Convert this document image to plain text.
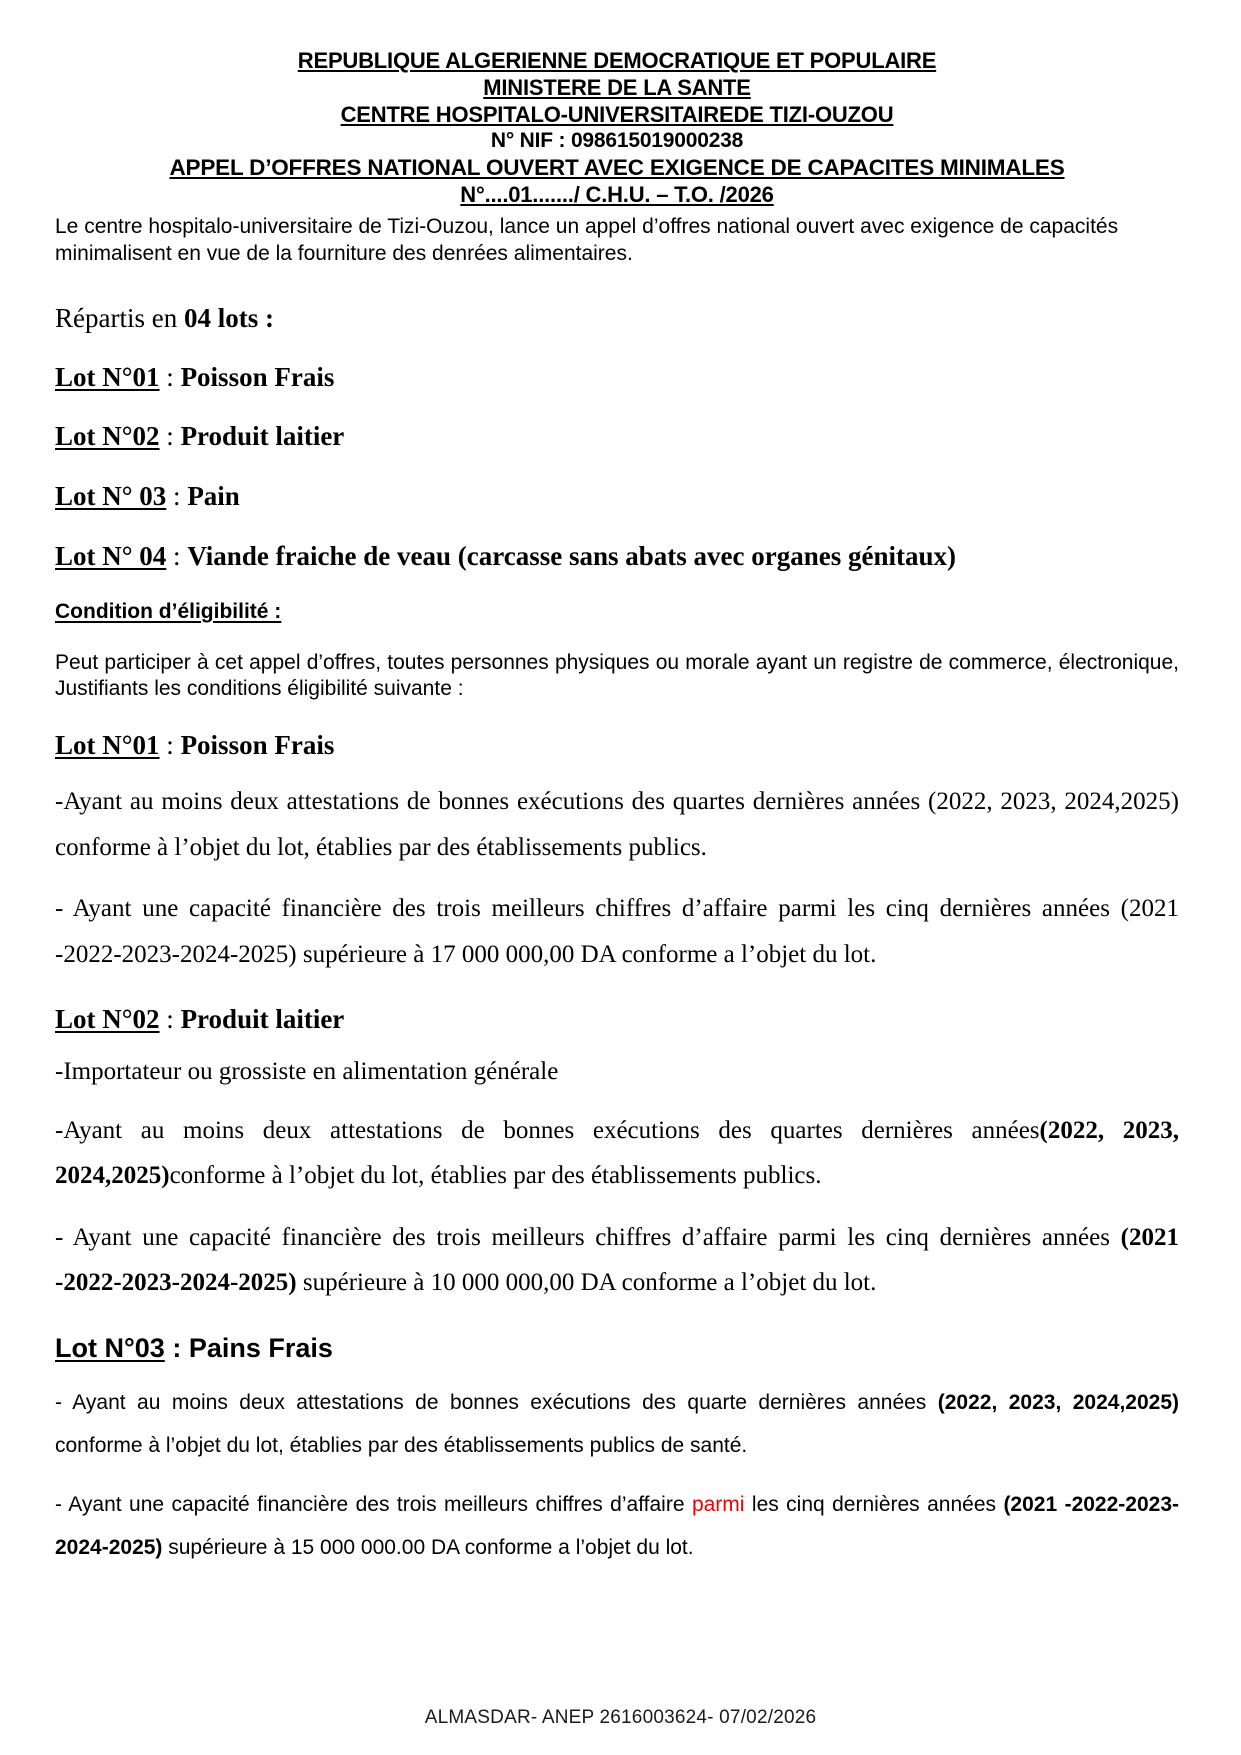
REPUBLIQUE ALGERIENNE DEMOCRATIQUE ET POPULAIRE
MINISTERE DE LA SANTE
CENTRE HOSPITALO-UNIVERSITAIREDE TIZI-OUZOU
N° NIF : 098615019000238
APPEL D’OFFRES NATIONAL OUVERT AVEC EXIGENCE DE CAPACITES MINIMALES
N°....01......./ C.H.U. – T.O. /2026

Le centre hospitalo-universitaire de Tizi-Ouzou, lance un appel d’offres national ouvert avec exigence de capacités minimalisent en vue de la fourniture des denrées alimentaires.

Répartis en 04 lots :

Lot N°01 : Poisson Frais

Lot N°02 : Produit laitier

Lot N° 03 : Pain

Lot N° 04 : Viande fraiche de veau (carcasse sans abats avec organes génitaux)

Condition d’éligibilité :

Peut participer à cet appel d’offres, toutes personnes physiques ou morale ayant un registre de commerce, électronique, Justifiants les conditions éligibilité suivante :

Lot N°01 : Poisson Frais

-Ayant au moins deux attestations de bonnes exécutions des quartes dernières années (2022, 2023, 2024,2025) conforme à l’objet du lot, établies par des établissements publics.

- Ayant une capacité financière des trois meilleurs chiffres d’affaire parmi les cinq dernières années (2021 -2022-2023-2024-2025) supérieure à 17 000 000,00 DA conforme a l’objet du lot.

Lot N°02 : Produit laitier

-Importateur ou grossiste en alimentation générale

-Ayant au moins deux attestations de bonnes exécutions des quartes dernières années(2022, 2023, 2024,2025)conforme à l’objet du lot, établies par des établissements publics.

- Ayant une capacité financière des trois meilleurs chiffres d’affaire parmi les cinq dernières années (2021 -2022-2023-2024-2025) supérieure à 10 000 000,00 DA conforme a l’objet du lot.

Lot N°03 : Pains Frais

- Ayant au moins deux attestations de bonnes exécutions des quarte dernières années (2022, 2023, 2024,2025) conforme à l’objet du lot, établies par des établissements publics de santé.

- Ayant une capacité financière des trois meilleurs chiffres d’affaire parmi les cinq dernières années (2021 -2022-2023-2024-2025) supérieure à 15 000 000.00 DA conforme a l’objet du lot.

ALMASDAR- ANEP 2616003624- 07/02/2026
